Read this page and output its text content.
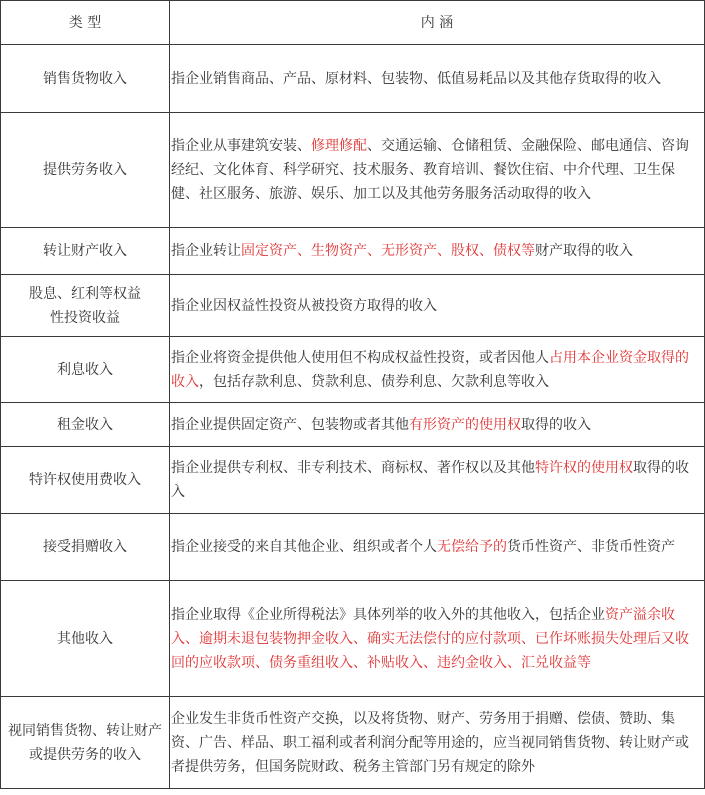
类 型	内 涵
销售货物收入	指企业销售商品、产品、原材料、包装物、低值易耗品以及其他存货取得的收入
提供劳务收入	指企业从事建筑安装、修理修配、交通运输、仓储租赁、金融保险、邮电通信、咨询经纪、文化体育、科学研究、技术服务、教育培训、餐饮住宿、中介代理、卫生保健、社区服务、旅游、娱乐、加工以及其他劳务服务活动取得的收入
转让财产收入	指企业转让固定资产、生物资产、无形资产、股权、债权等财产取得的收入
股息、红利等权益性投资收益	指企业因权益性投资从被投资方取得的收入
利息收入	指企业将资金提供他人使用但不构成权益性投资，或者因他人占用本企业资金取得的收入，包括存款利息、贷款利息、债券利息、欠款利息等收入
租金收入	指企业提供固定资产、包装物或者其他有形资产的使用权取得的收入
特许权使用费收入	指企业提供专利权、非专利技术、商标权、著作权以及其他特许权的使用权取得的收入
接受捐赠收入	指企业接受的来自其他企业、组织或者个人无偿给予的货币性资产、非货币性资产
其他收入	指企业取得《企业所得税法》具体列举的收入外的其他收入，包括企业资产溢余收入、逾期未退包装物押金收入、确实无法偿付的应付款项、已作坏账损失处理后又收回的应收款项、债务重组收入、补贴收入、违约金收入、汇兑收益等
视同销售货物、转让财产或提供劳务的收入	企业发生非货币性资产交换，以及将货物、财产、劳务用于捐赠、偿债、赞助、集资、广告、样品、职工福利或者利润分配等用途的，应当视同销售货物、转让财产或者提供劳务，但国务院财政、税务主管部门另有规定的除外
